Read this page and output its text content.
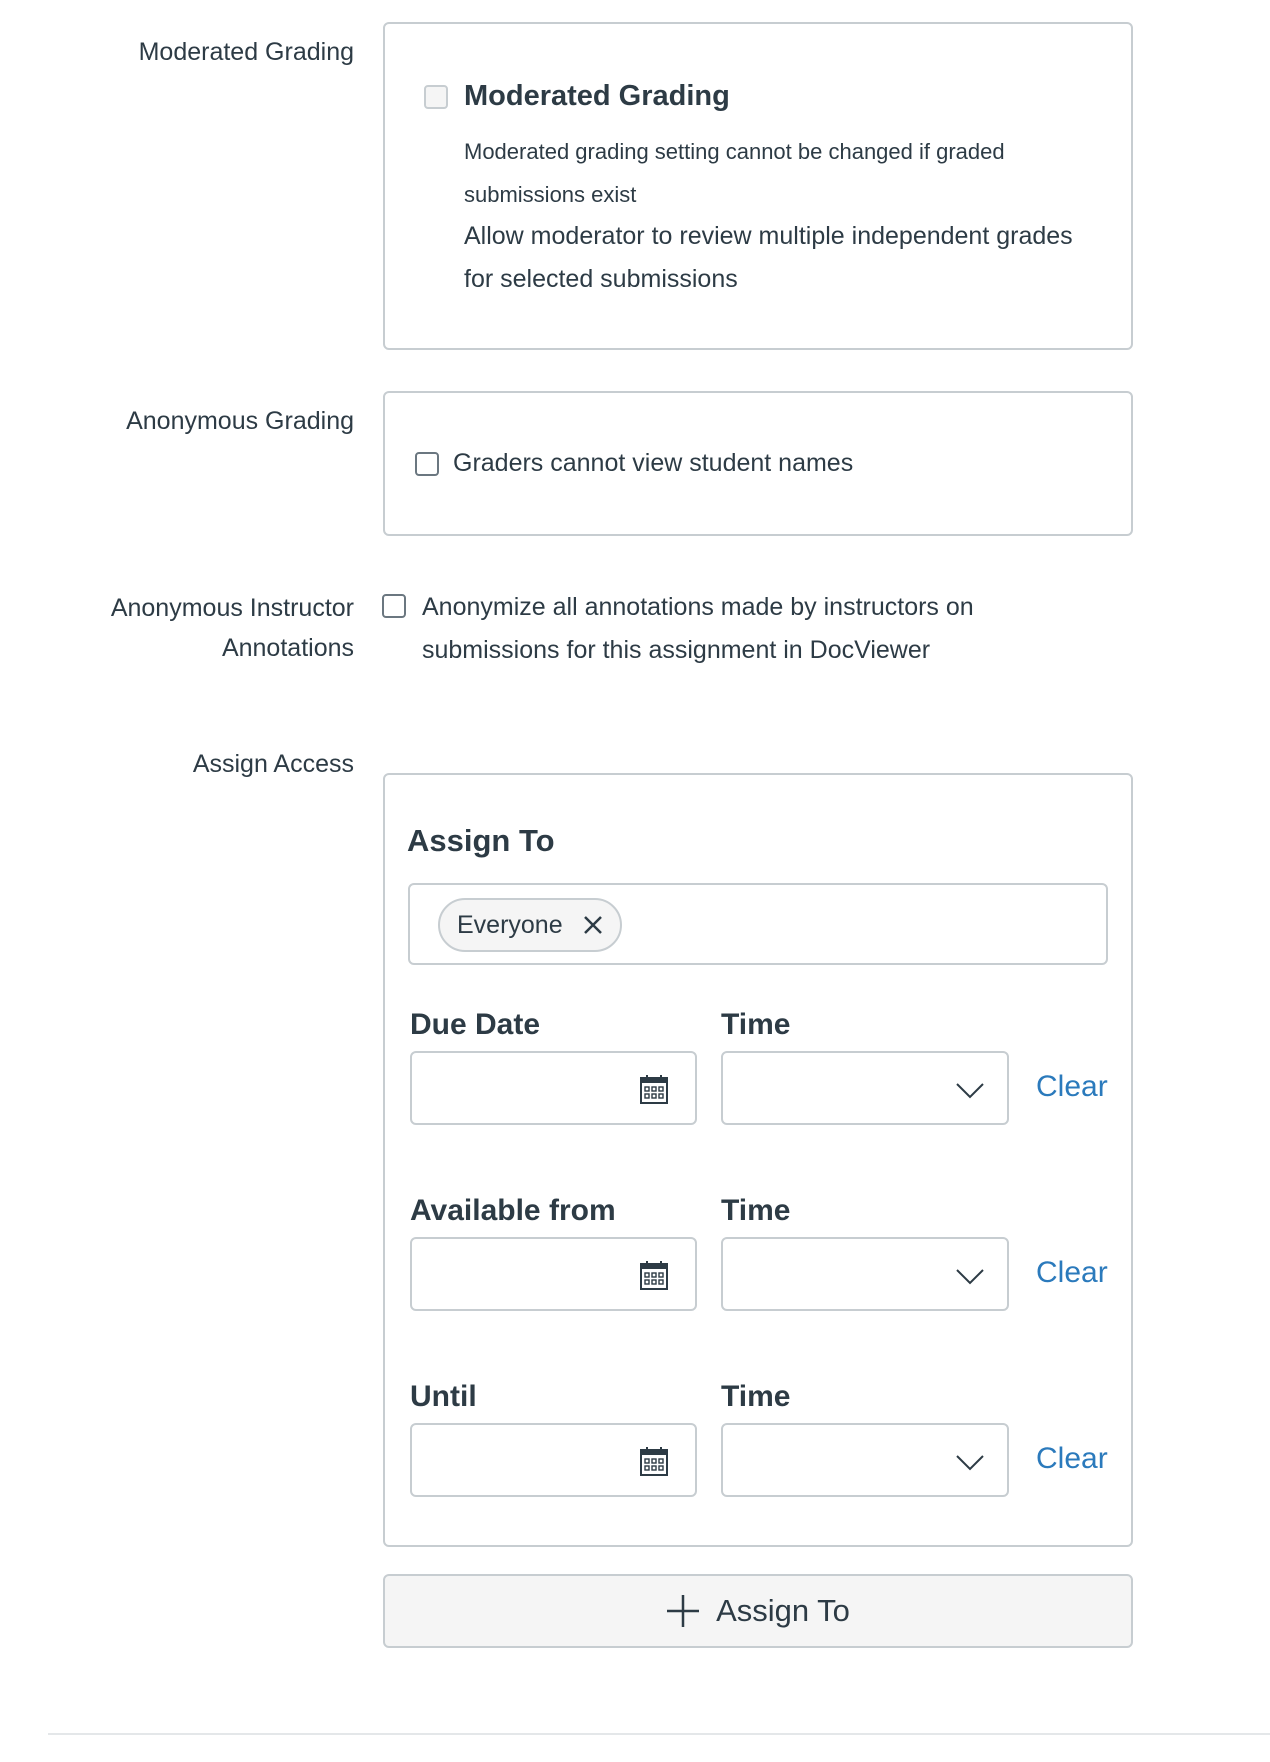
Moderated Grading
Moderated Grading
Moderated grading setting cannot be changed if graded submissions exist
Allow moderator to review multiple independent grades for selected submissions
Anonymous Grading
Graders cannot view student names
Anonymous Instructor
Annotations
Anonymize all annotations made by instructors on submissions for this assignment in DocViewer
Assign Access
Assign To
Everyone
Due Date	Time
Clear
Available from	Time
Clear
Until	Time
Clear
Assign To
